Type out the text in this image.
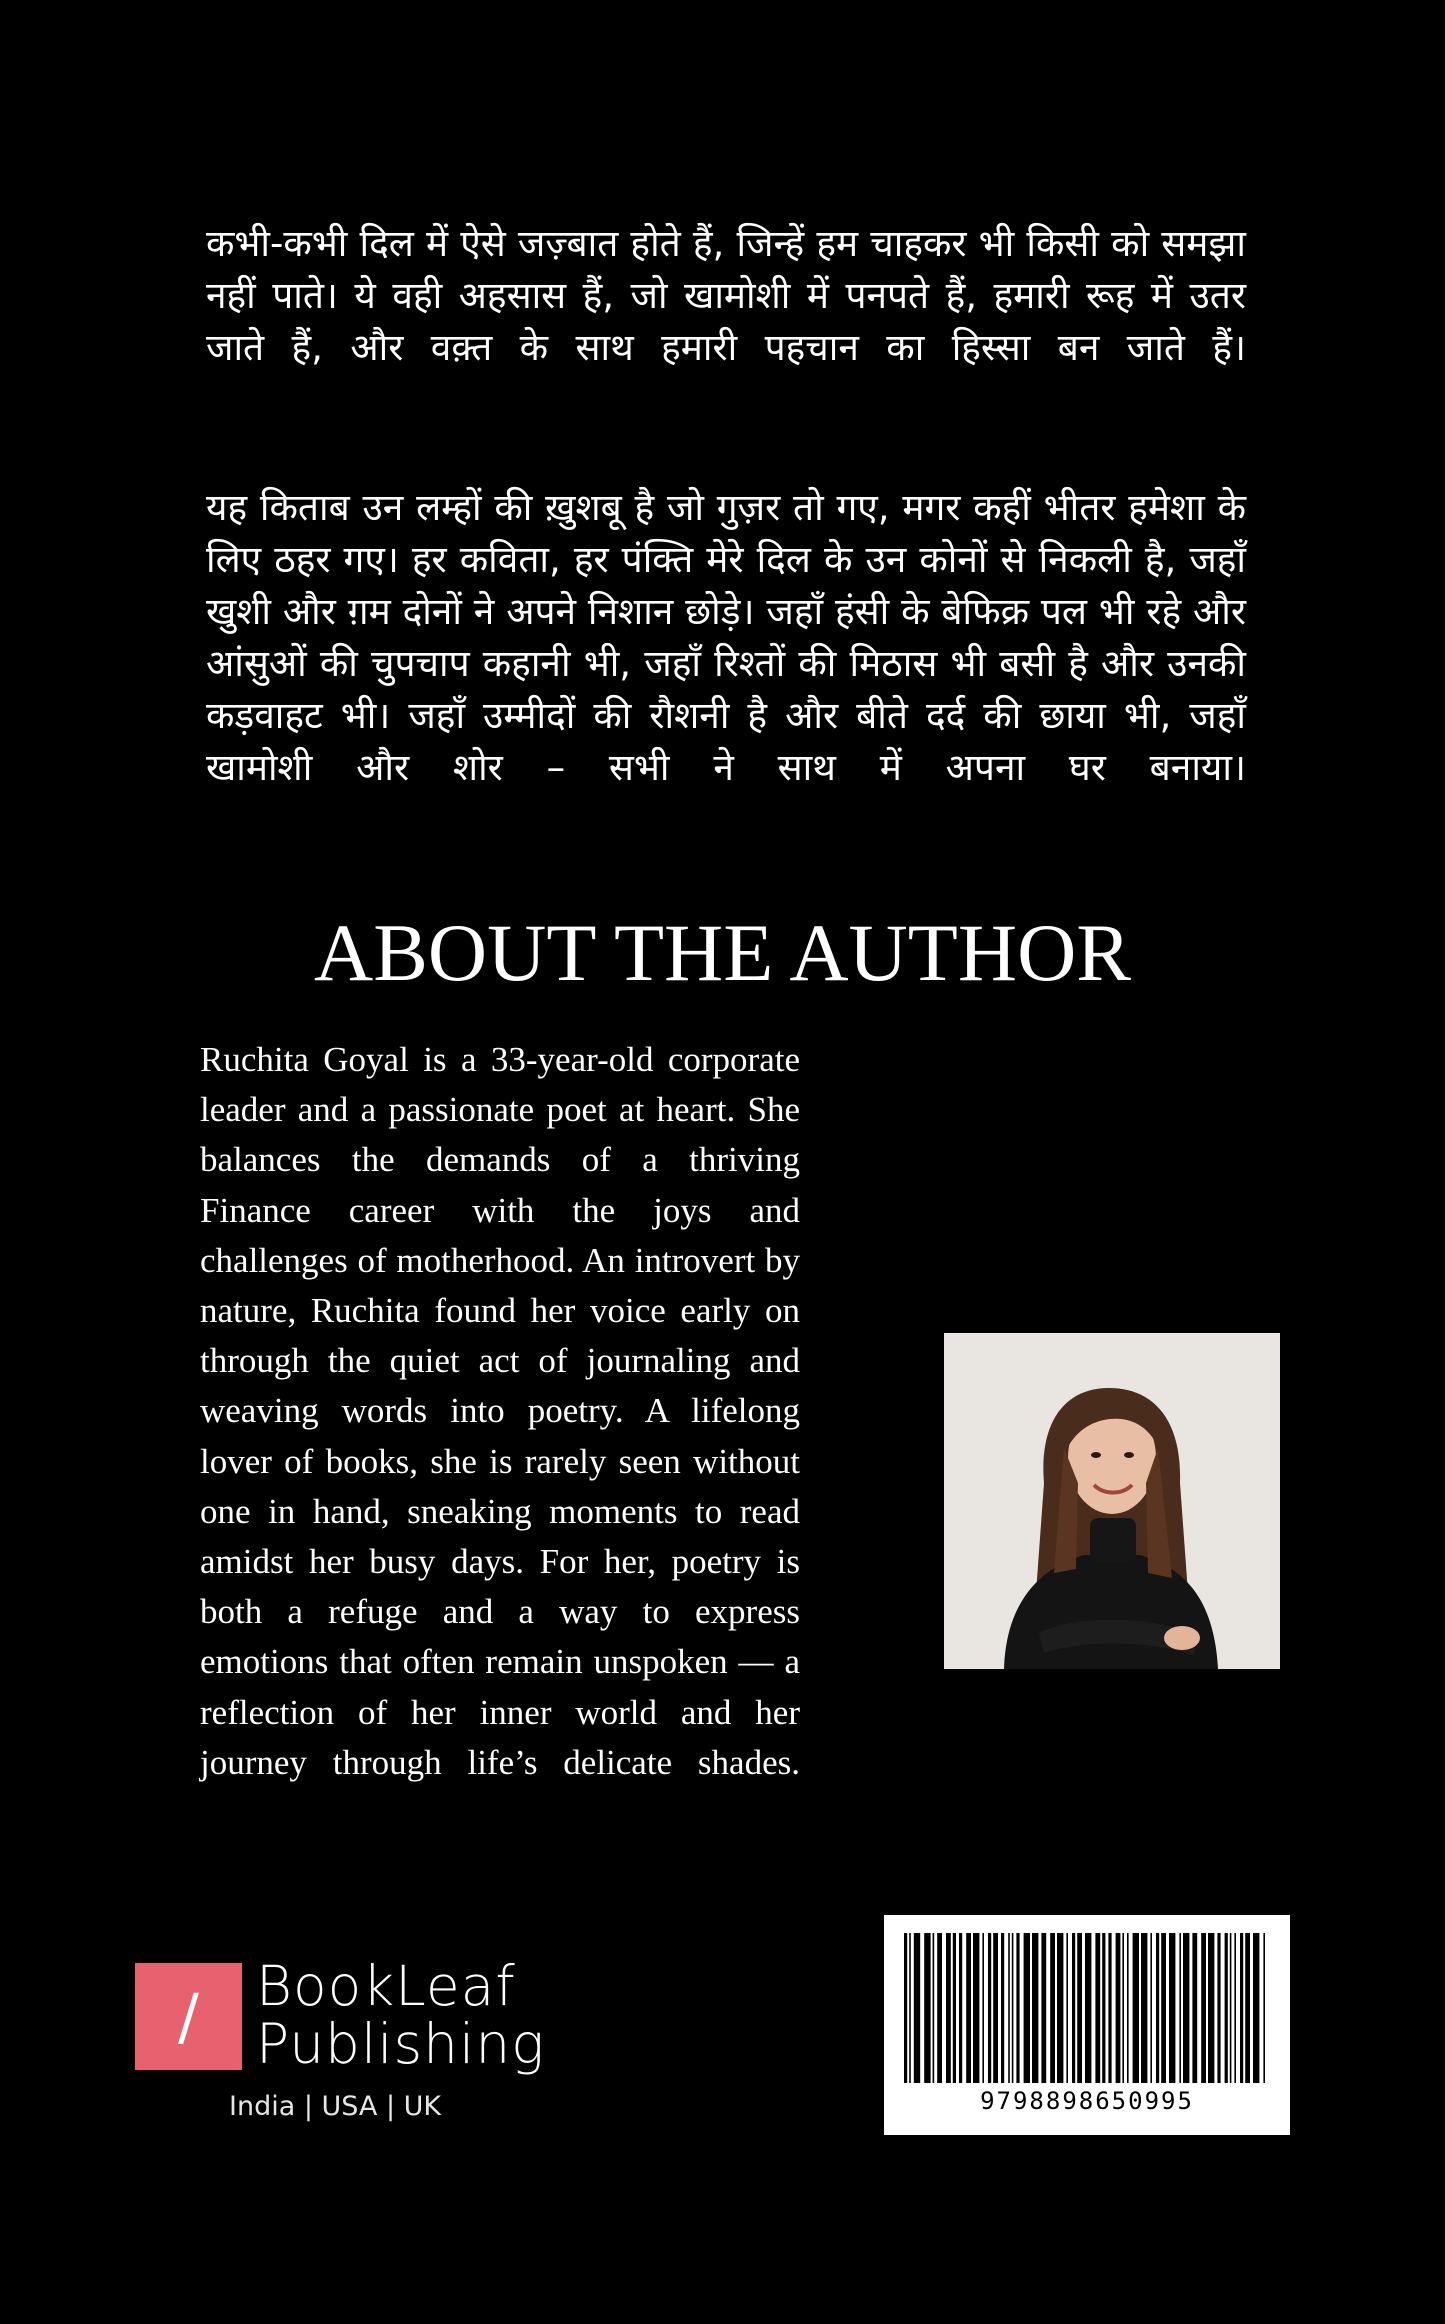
कभी-कभी दिल में ऐसे जज़्बात होते हैं, जिन्हें हम चाहकर भी किसी को समझा नहीं पाते। ये वही अहसास हैं, जो खामोशी में पनपते हैं, हमारी रूह में उतर जाते हैं, और वक़्त के साथ हमारी पहचान का हिस्सा बन जाते हैं।

यह किताब उन लम्हों की ख़ुशबू है जो गुज़र तो गए, मगर कहीं भीतर हमेशा के लिए ठहर गए। हर कविता, हर पंक्ति मेरे दिल के उन कोनों से निकली है, जहाँ खुशी और ग़म दोनों ने अपने निशान छोड़े। जहाँ हंसी के बेफिक्र पल भी रहे और आंसुओं की चुपचाप कहानी भी, जहाँ रिश्तों की मिठास भी बसी है और उनकी कड़वाहट भी। जहाँ उम्मीदों की रौशनी है और बीते दर्द की छाया भी, जहाँ खामोशी और शोर – सभी ने साथ में अपना घर बनाया।

ABOUT THE AUTHOR

Ruchita Goyal is a 33-year-old corporate leader and a passionate poet at heart. She balances the demands of a thriving Finance career with the joys and challenges of motherhood. An introvert by nature, Ruchita found her voice early on through the quiet act of journaling and weaving words into poetry. A lifelong lover of books, she is rarely seen without one in hand, sneaking moments to read amidst her busy days. For her, poetry is both a refuge and a way to express emotions that often remain unspoken — a reflection of her inner world and her journey through life’s delicate shades.

9798898650995
/	BookLeaf
Publishing
India | USA | UK
